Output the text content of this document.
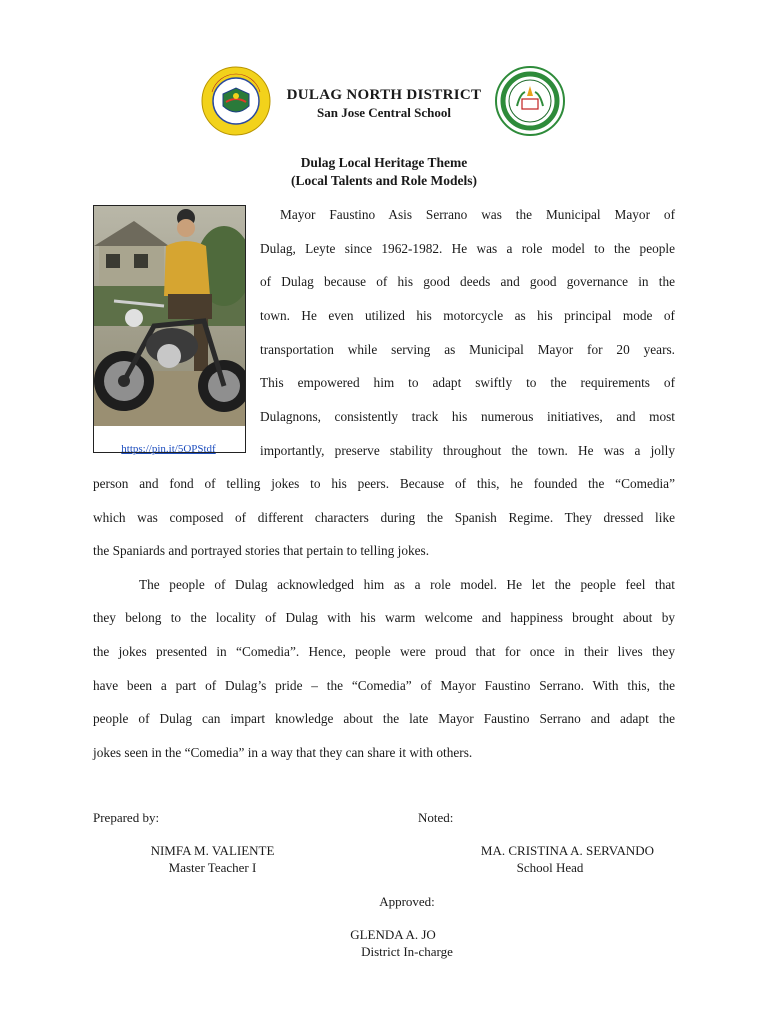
DULAG NORTH DISTRICT
San Jose Central School
Dulag Local Heritage Theme
(Local Talents and Role Models)
https://pin.it/5OPStdf
Mayor Faustino Asis Serrano was the Municipal Mayor of
Dulag, Leyte since 1962-1982. He was a role model to the people
of Dulag because of his good deeds and good governance in the
town. He even utilized his motorcycle as his principal mode of
transportation while serving as Municipal Mayor for 20 years.
This empowered him to adapt swiftly to the requirements of
Dulagnons, consistently track his numerous initiatives, and most
importantly, preserve stability throughout the town. He was a jolly
person and fond of telling jokes to his peers. Because of this, he founded the “Comedia”
which was composed of different characters during the Spanish Regime. They dressed like
the Spaniards and portrayed stories that pertain to telling jokes.
The people of Dulag acknowledged him as a role model. He let the people feel that
they belong to the locality of Dulag with his warm welcome and happiness brought about by
the jokes presented in “Comedia”. Hence, people were proud that for once in their lives they
have been a part of Dulag’s pride – the “Comedia” of Mayor Faustino Serrano. With this, the
people of Dulag can impart knowledge about the late Mayor Faustino Serrano and adapt the
jokes seen in the “Comedia” in a way that they can share it with others.
Prepared by:	Noted:
NIMFA M. VALIENTE
Master Teacher I
MA. CRISTINA A. SERVANDO
School Head
Approved:
GLENDA A. JO
District In-charge
